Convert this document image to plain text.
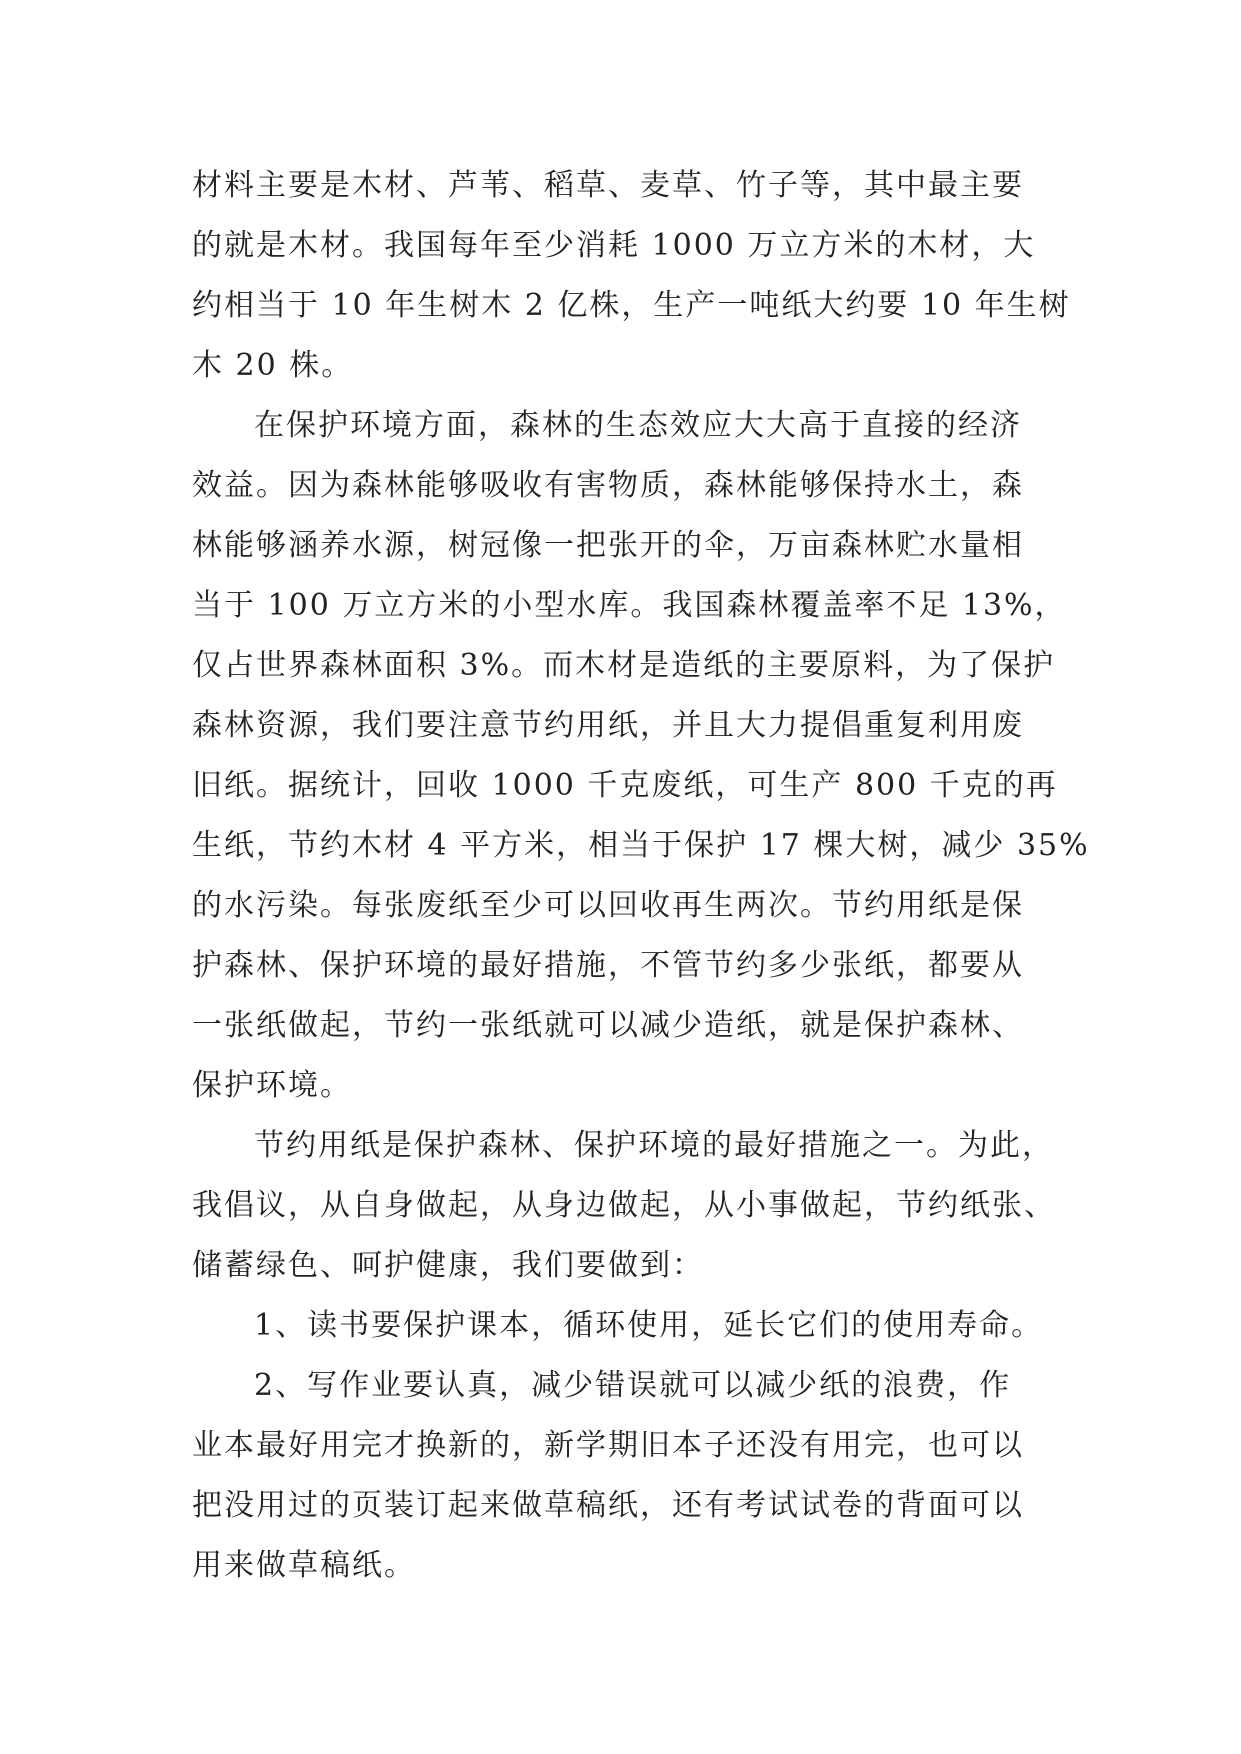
材料主要是木材、芦苇、稻草、麦草、竹子等，其中最主要
的就是木材。我国每年至少消耗 1000 万立方米的木材，大
约相当于 10 年生树木 2 亿株，生产一吨纸大约要 10 年生树
木 20 株。
在保护环境方面，森林的生态效应大大高于直接的经济
效益。因为森林能够吸收有害物质，森林能够保持水土，森
林能够涵养水源，树冠像一把张开的伞，万亩森林贮水量相
当于 100 万立方米的小型水库。我国森林覆盖率不足 13%，
仅占世界森林面积 3%。而木材是造纸的主要原料，为了保护
森林资源，我们要注意节约用纸，并且大力提倡重复利用废
旧纸。据统计，回收 1000 千克废纸，可生产 800 千克的再
生纸，节约木材 4 平方米，相当于保护 17 棵大树，减少 35%
的水污染。每张废纸至少可以回收再生两次。节约用纸是保
护森林、保护环境的最好措施，不管节约多少张纸，都要从
一张纸做起，节约一张纸就可以减少造纸，就是保护森林、
保护环境。
节约用纸是保护森林、保护环境的最好措施之一。为此，
我倡议，从自身做起，从身边做起，从小事做起，节约纸张、
储蓄绿色、呵护健康，我们要做到：
1、读书要保护课本，循环使用，延长它们的使用寿命。
2、写作业要认真，减少错误就可以减少纸的浪费，作
业本最好用完才换新的，新学期旧本子还没有用完，也可以
把没用过的页装订起来做草稿纸，还有考试试卷的背面可以
用来做草稿纸。
